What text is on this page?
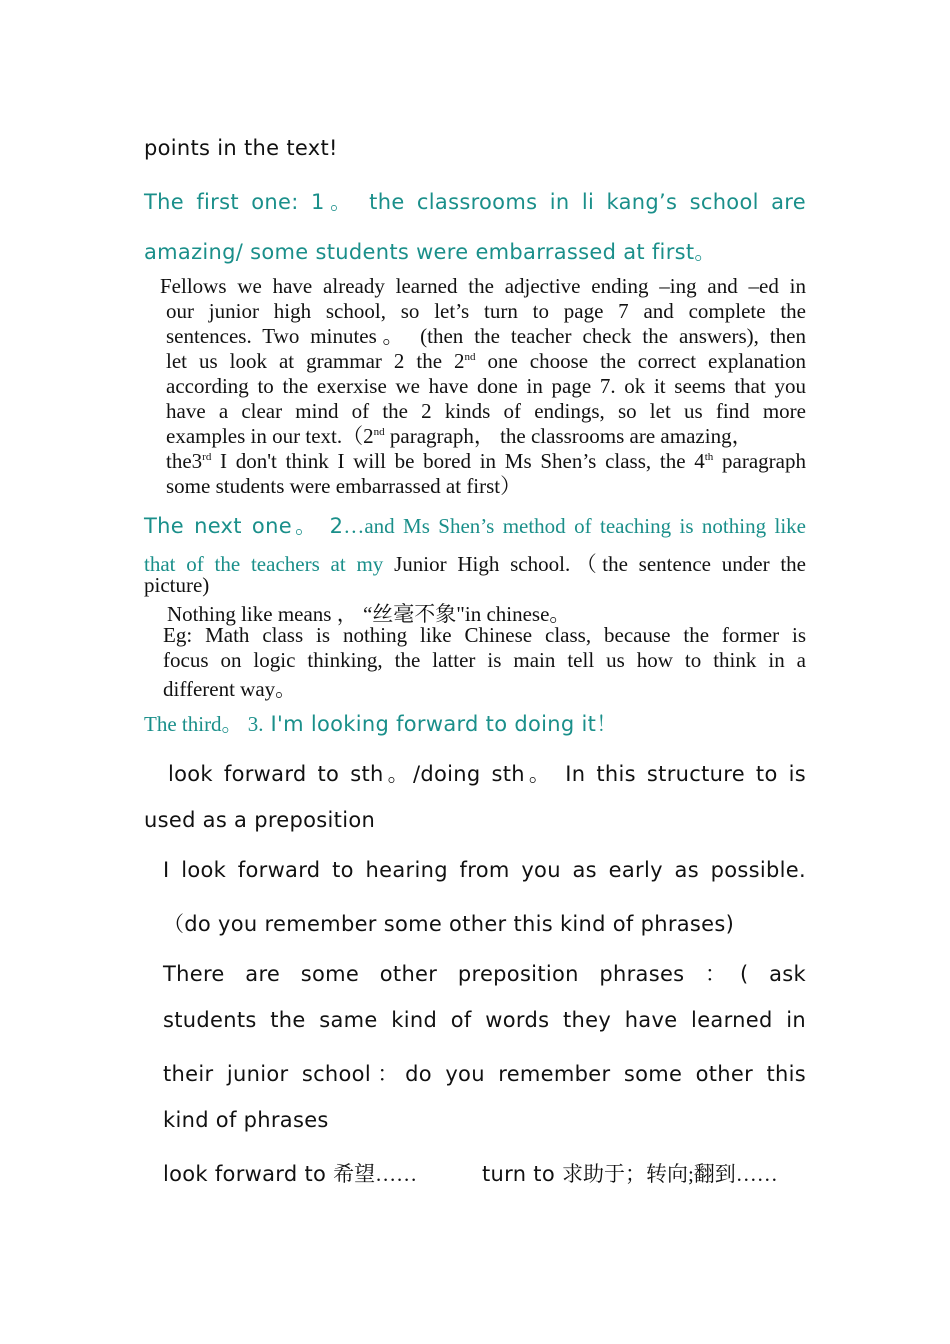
points in the text!
The first one: 1。 the classrooms in li kang’s school are
amazing/ some students were embarrassed at first。

Fellows we have already learned the adjective ending –ing and –ed in

our junior high school, so let’s turn to page 7 and complete the

sentences. Two minutes。 (then the teacher check the answers), then

let us look at grammar 2 the 2nd one choose the correct explanation

according to the exerxise we have done in page 7. ok it seems that you

have a clear mind of the 2 kinds of endings, so let us find more

examples in our text.（2nd paragraph， the classrooms are amazing，

the3rd I don't think I will be bored in Ms Shen’s class, the 4th paragraph

some students were embarrassed at first）

The next one。 2…and Ms Shen’s method of teaching is nothing like
that of the teachers at my Junior High school.（the sentence under the
picture)
Nothing like means ， “丝毫不象"in chinese。
Eg: Math class is nothing like Chinese class, because the former is
focus on logic thinking, the latter is main tell us how to think in a
different way。
The third。 3. I'm looking forward to doing it！
look forward to sth。/doing sth。 In this structure to is
used as a preposition
I look forward to hearing from you as early as possible.
（do you remember some other this kind of phrases)
There are some other preposition phrases ：( ask
students the same kind of words they have learned in
their junior school：do you remember some other this
kind of phrases
look forward to 希望……	turn to 求助于；转向;翻到……
